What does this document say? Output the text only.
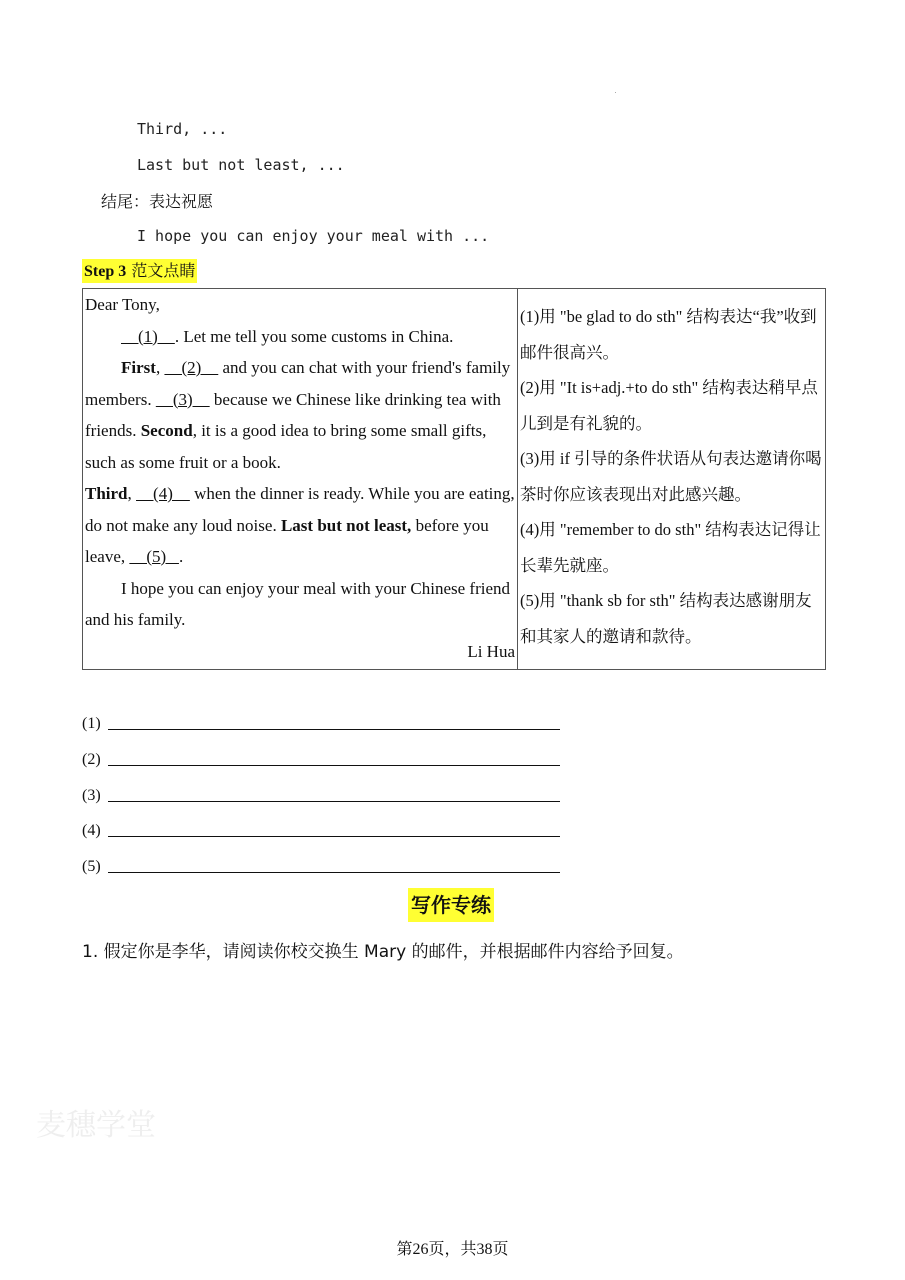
Third, ...
Last but not least, ...
结尾：表达祝愿
I hope you can enjoy your meal with ...
Step 3 范文点睛

Dear Tony,

(1)    . Let me tell you some customs in China.

First,     (2)     and you can chat with your friend's family members.     (3)     because we Chinese like drinking tea with friends. Second, it is a good idea to bring some small gifts, such as some fruit or a book.

Third,     (4)     when the dinner is ready. While you are eating, do not make any loud noise. Last but not least, before you leave,     (5)   .

I hope you can enjoy your meal with your Chinese friend and his family.

Li Hua

(1)用 "be glad to do sth" 结构表达“我”收到邮件很高兴。

(2)用 "It is+adj.+to do sth" 结构表达稍早点儿到是有礼貌的。

(3)用 if 引导的条件状语从句表达邀请你喝茶时你应该表现出对此感兴趣。

(4)用 "remember to do sth" 结构表达记得让长辈先就座。

(5)用 "thank sb for sth" 结构表达感谢朋友和其家人的邀请和款待。

(1)
(2)
(3)
(4)
(5)
写作专练
1. 假定你是李华，请阅读你校交换生 Mary 的邮件，并根据邮件内容给予回复。
麦穗学堂
第26页，共38页
